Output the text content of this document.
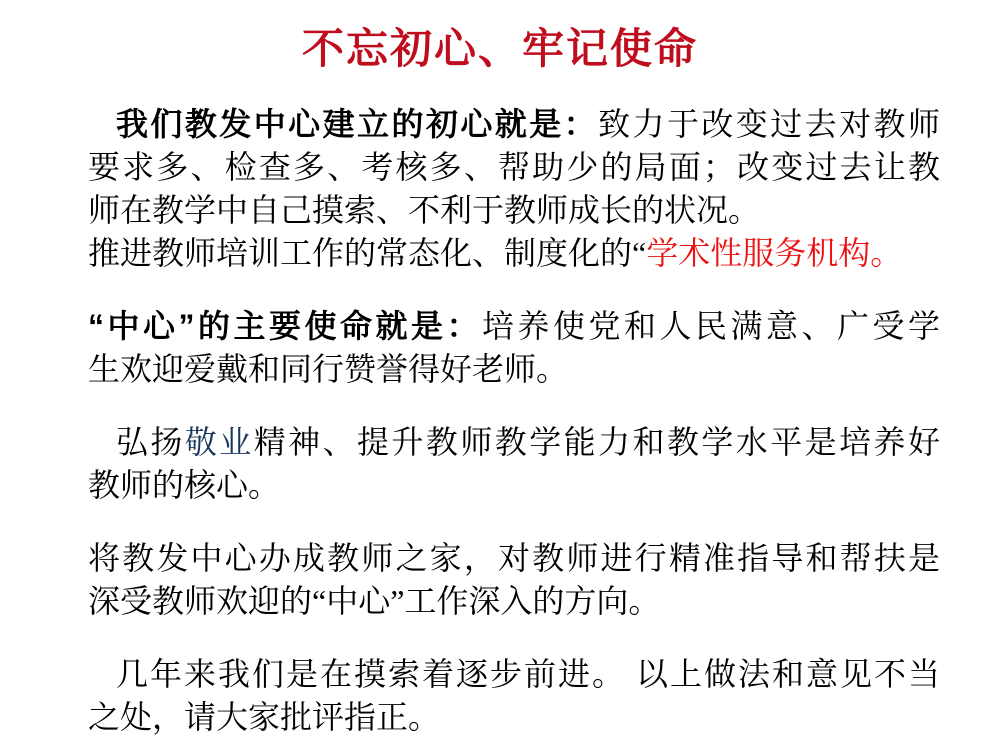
不忘初心、牢记使命
我们教发中心建立的初心就是：致力于改变过去对教师
要求多、检查多、考核多、帮助少的局面；改变过去让教
师在教学中自己摸索、不利于教师成长的状况。
推进教师培训工作的常态化、制度化的“学术性服务机构。
“中心”的主要使命就是：培养使党和人民满意、广受学
生欢迎爱戴和同行赞誉得好老师。
弘扬敬业精神、提升教师教学能力和教学水平是培养好
教师的核心。
将教发中心办成教师之家，对教师进行精准指导和帮扶是
深受教师欢迎的“中心”工作深入的方向。
几年来我们是在摸索着逐步前进。 以上做法和意见不当
之处，请大家批评指正。
